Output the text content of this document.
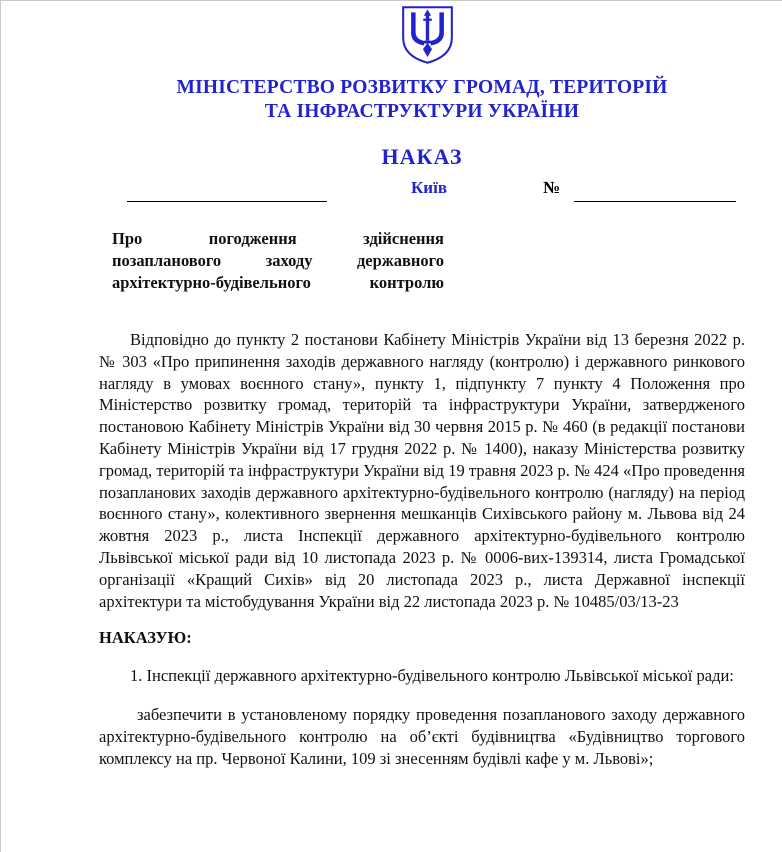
МІНІСТЕРСТВО РОЗВИТКУ ГРОМАД, ТЕРИТОРІЙ
ТА ІНФРАСТРУКТУРИ УКРАЇНИ
НАКАЗ
Київ	№
Про погодження здійснення
позапланового заходу державного
архітектурно-будівельного контролю
Відповідно до пункту 2 постанови Кабінету Міністрів України від 13 березня 2022 р. № 303 «Про припинення заходів державного нагляду (контролю) і державного ринкового нагляду в умовах воєнного стану», пункту 1, підпункту 7 пункту 4 Положення про Міністерство розвитку громад, територій та інфраструктури України, затвердженого постановою Кабінету Міністрів України від 30 червня 2015 р. № 460 (в редакції постанови Кабінету Міністрів України від 17 грудня 2022 р. № 1400), наказу Міністерства розвитку громад, територій та інфраструктури України від 19 травня 2023 р. № 424 «Про проведення позапланових заходів державного архітектурно-будівельного контролю (нагляду) на період воєнного стану», колективного звернення мешканців Сихівського району м. Львова від 24 жовтня 2023 р., листа Інспекції державного архітектурно-будівельного контролю Львівської міської ради від 10 листопада 2023 р. № 0006-вих-139314, листа Громадської організації «Кращий Сихів» від 20 листопада 2023 р., листа Державної інспекції архітектури та містобудування України від 22 листопада 2023 р. № 10485/03/13-23
НАКАЗУЮ:
1. Інспекції державного архітектурно-будівельного контролю Львівської міської ради:
забезпечити в установленому порядку проведення позапланового заходу державного архітектурно-будівельного контролю на об’єкті будівництва «Будівництво торгового комплексу на пр. Червоної Калини, 109 зі знесенням будівлі кафе у м. Львові»;
